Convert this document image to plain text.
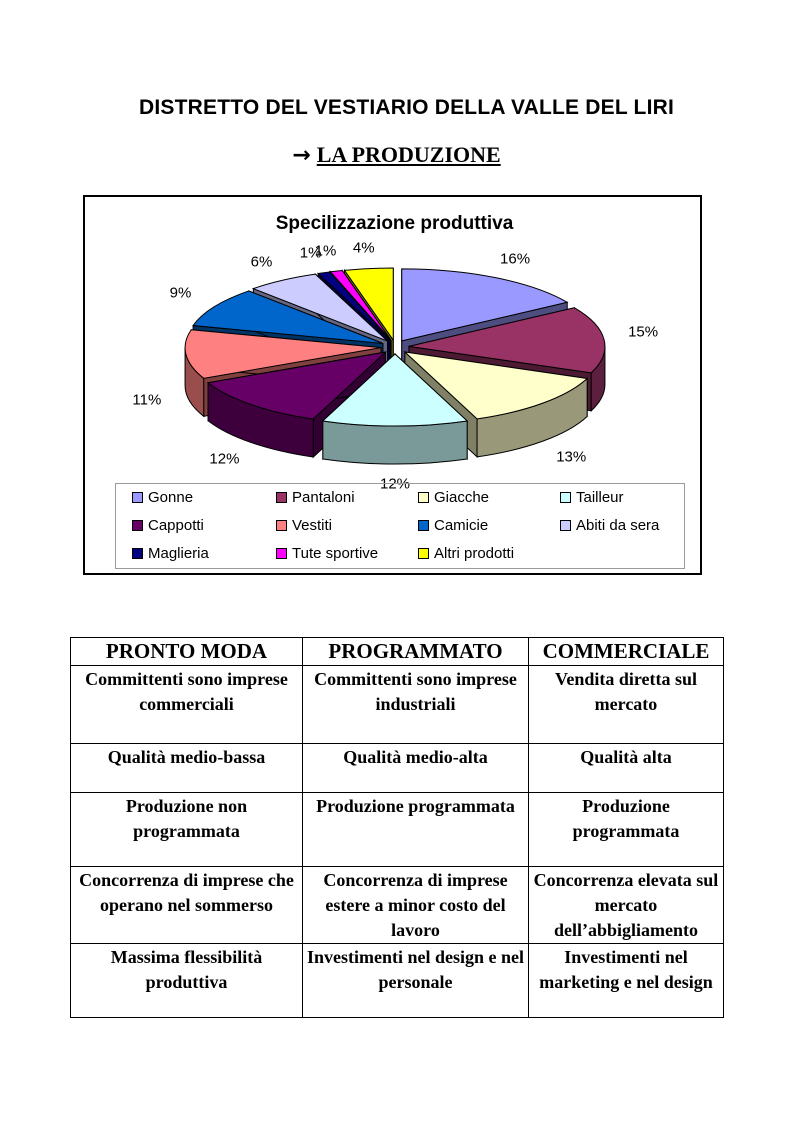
DISTRETTO DEL VESTIARIO DELLA VALLE DEL LIRI
→ LA PRODUZIONE
Specilizzazione produttiva
16%
15%
13%
12%
12%
11%
9%
6%
1%
1% 4%
Gonne	Pantaloni	Giacche	Tailleur
Cappotti	Vestiti	Camicie	Abiti da sera
Maglieria	Tute sportive	Altri prodotti
PRONTO MODA	PROGRAMMATO	COMMERCIALE
Committenti sono imprese commerciali	Committenti sono imprese industriali	Vendita diretta sul mercato
Qualità medio-bassa	Qualità medio-alta	Qualità alta
Produzione non programmata	Produzione programmata	Produzione programmata
Concorrenza di imprese che operano nel sommerso	Concorrenza di imprese estere a minor costo del lavoro	Concorrenza elevata sul mercato dell’abbigliamento
Massima flessibilità produttiva	Investimenti nel design e nel personale	Investimenti nel marketing e nel design
